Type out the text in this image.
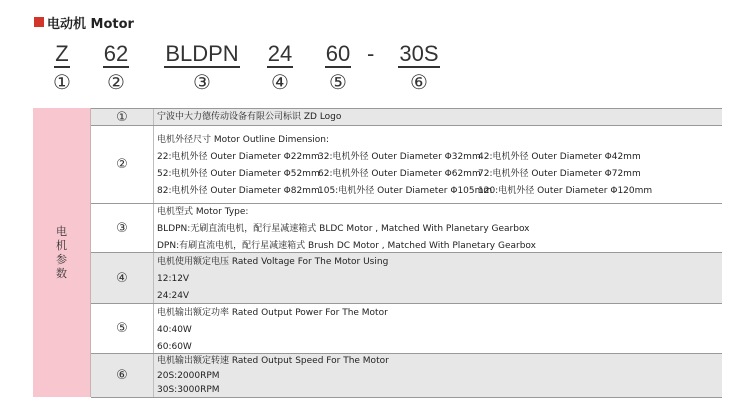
电动机 Motor
Z
①
62
②
BLDPN
③
24
④
60
⑤
- 30S
⑥
电机参数
①	宁波中大力德传动设备有限公司标识 ZD Logo
②
电机外径尺寸 Motor Outline Dimension:
22:电机外径 Outer Diameter Φ22mm
32:电机外径 Outer Diameter Φ32mm
42:电机外径 Outer Diameter Φ42mm
52:电机外径 Outer Diameter Φ52mm
62:电机外径 Outer Diameter Φ62mm
72:电机外径 Outer Diameter Φ72mm
82:电机外径 Outer Diameter Φ82mm
105:电机外径 Outer Diameter Φ105mm
120:电机外径 Outer Diameter Φ120mm
③
电机型式 Motor Type:
BLDPN:无刷直流电机，配行星减速箱式 BLDC Motor , Matched With Planetary Gearbox
DPN:有刷直流电机，配行星减速箱式 Brush DC Motor , Matched With Planetary Gearbox
④
电机使用额定电压 Rated Voltage For The Motor Using
12:12V
24:24V
⑤
电机输出额定功率 Rated Output Power For The Motor
40:40W
60:60W
⑥
电机输出额定转速 Rated Output Speed For The Motor
20S:2000RPM
30S:3000RPM
